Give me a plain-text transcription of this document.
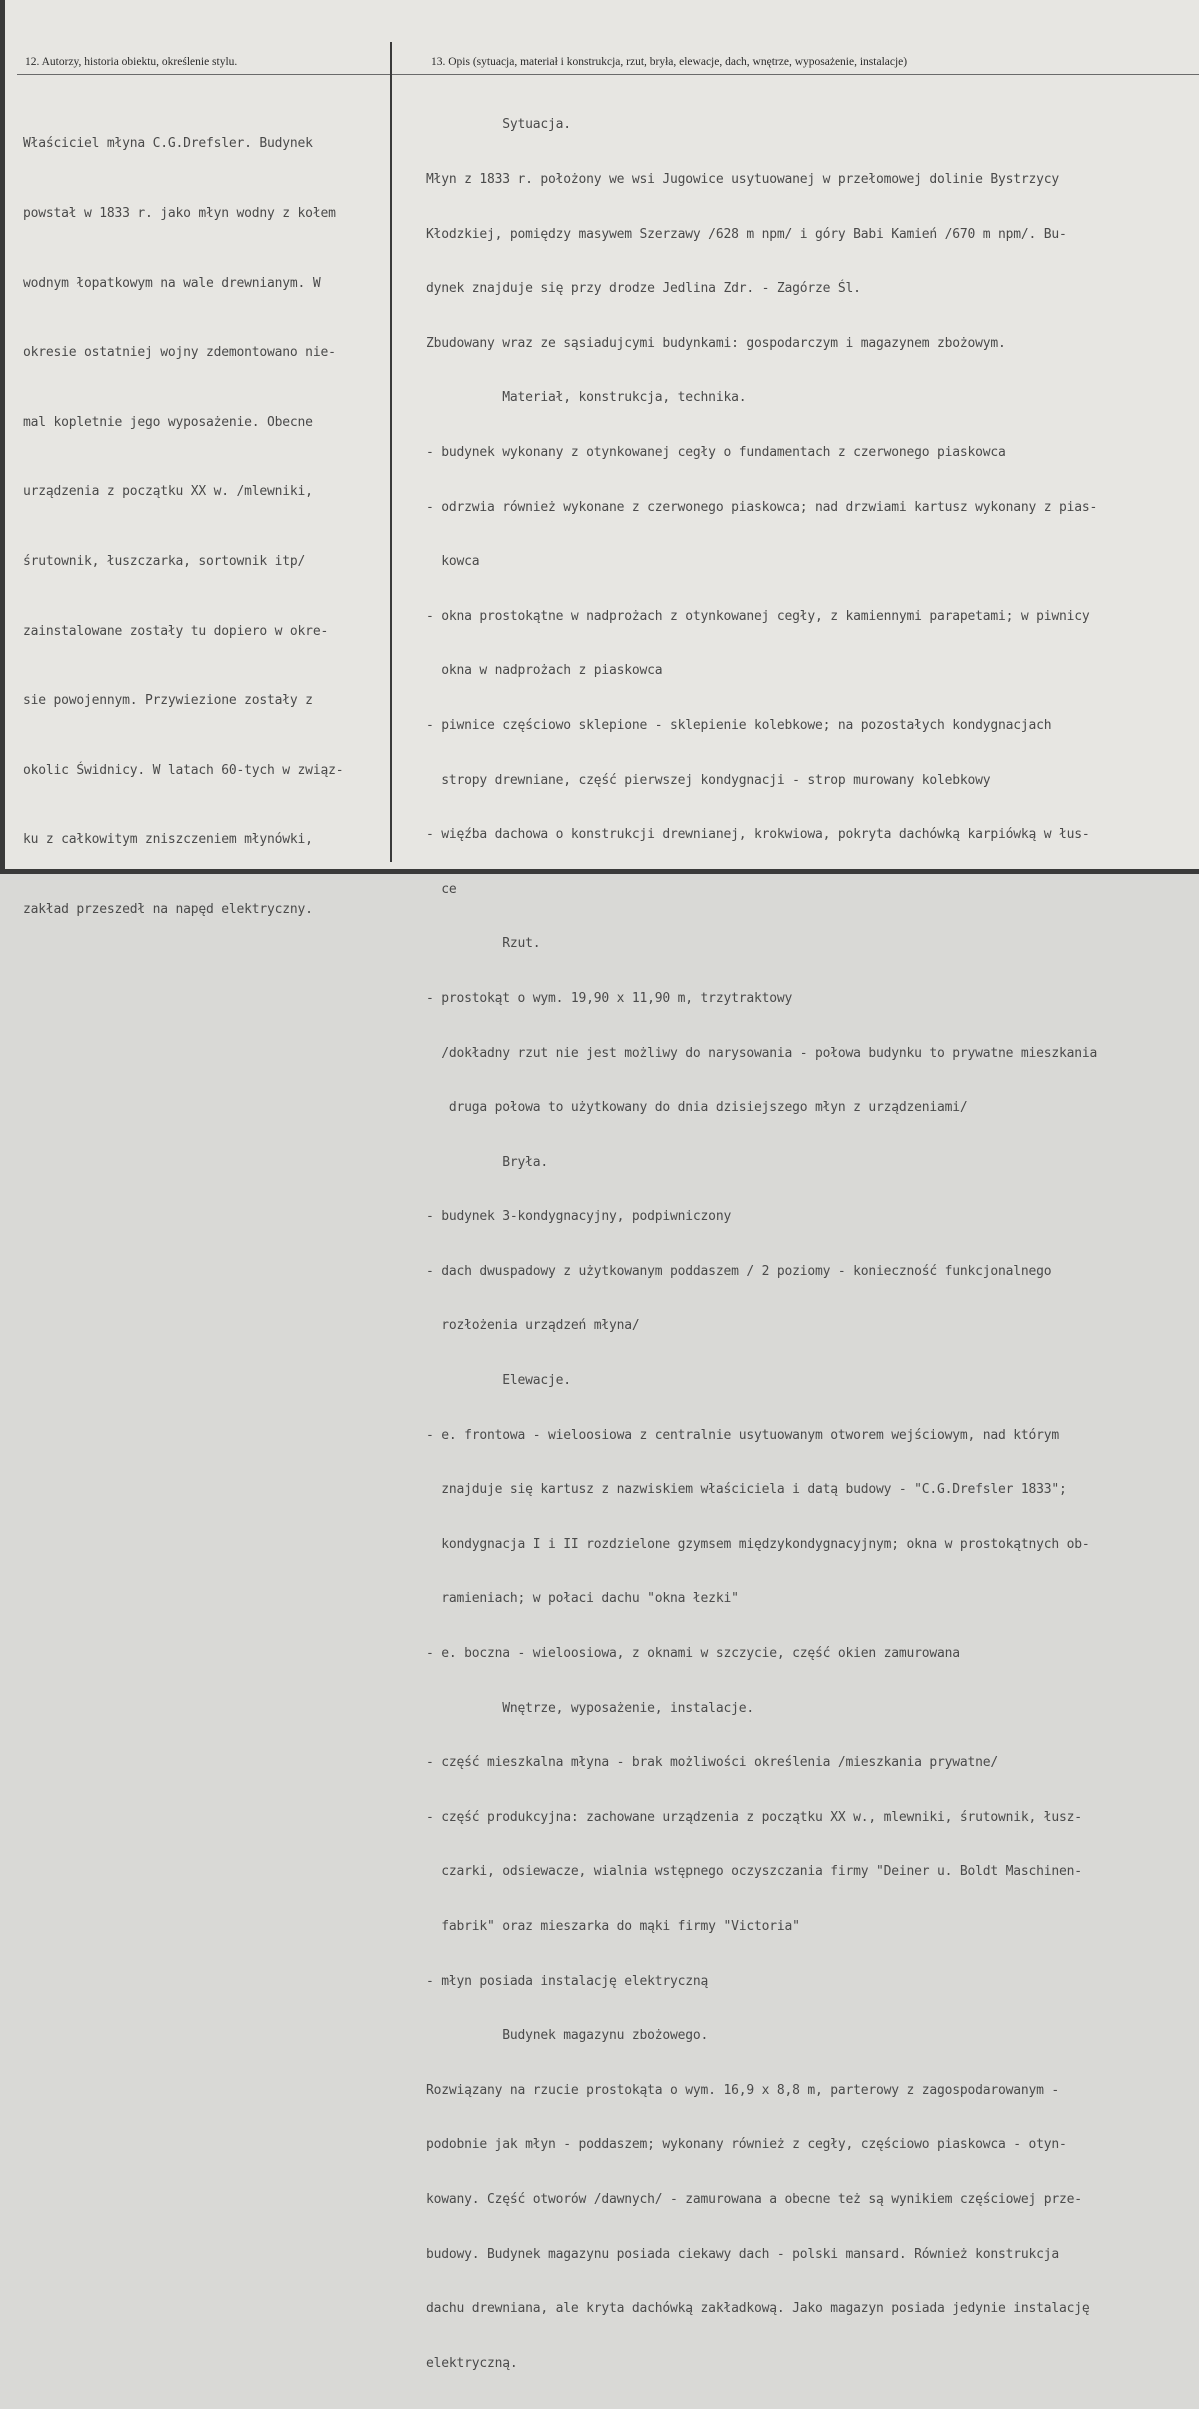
12. Autorzy, historia obiektu, określenie stylu.	13. Opis (sytuacja, materiał i konstrukcja, rzut, bryła, elewacje, dach, wnętrze, wyposażenie, instalacje)

Właściciel młyna C.G.Drefsler. Budynek

powstał w 1833 r. jako młyn wodny z kołem

wodnym łopatkowym na wale drewnianym. W

okresie ostatniej wojny zdemontowano nie-

mal kopletnie jego wyposażenie. Obecne

urządzenia z początku XX w. /mlewniki,

śrutownik, łuszczarka, sortownik itp/

zainstalowane zostały tu dopiero w okre-

sie powojennym. Przywiezione zostały z

okolic Świdnicy. W latach 60-tych w związ-

ku z całkowitym zniszczeniem młynówki,

zakład przeszedł na napęd elektryczny.

Sytuacja.

Młyn z 1833 r. położony we wsi Jugowice usytuowanej w przełomowej dolinie Bystrzycy

Kłodzkiej, pomiędzy masywem Szerzawy /628 m npm/ i góry Babi Kamień /670 m npm/. Bu-

dynek znajduje się przy drodze Jedlina Zdr. - Zagórze Śl.

Zbudowany wraz ze sąsiadujcymi budynkami: gospodarczym i magazynem zbożowym.

Materiał, konstrukcja, technika.

- budynek wykonany z otynkowanej cegły o fundamentach z czerwonego piaskowca

- odrzwia również wykonane z czerwonego piaskowca; nad drzwiami kartusz wykonany z pias-

kowca

- okna prostokątne w nadprożach z otynkowanej cegły, z kamiennymi parapetami; w piwnicy

okna w nadprożach z piaskowca

- piwnice częściowo sklepione - sklepienie kolebkowe; na pozostałych kondygnacjach

stropy drewniane, część pierwszej kondygnacji - strop murowany kolebkowy

- więźba dachowa o konstrukcji drewnianej, krokwiowa, pokryta dachówką karpiówką w łus-

ce

Rzut.

- prostokąt o wym. 19,90 x 11,90 m, trzytraktowy

/dokładny rzut nie jest możliwy do narysowania - połowa budynku to prywatne mieszkania

druga połowa to użytkowany do dnia dzisiejszego młyn z urządzeniami/

Bryła.

- budynek 3-kondygnacyjny, podpiwniczony

- dach dwuspadowy z użytkowanym poddaszem / 2 poziomy - konieczność funkcjonalnego

rozłożenia urządzeń młyna/

Elewacje.

- e. frontowa - wieloosiowa z centralnie usytuowanym otworem wejściowym, nad którym

znajduje się kartusz z nazwiskiem właściciela i datą budowy - "C.G.Drefsler 1833";

kondygnacja I i II rozdzielone gzymsem międzykondygnacyjnym; okna w prostokątnych ob-

ramieniach; w połaci dachu "okna łezki"

- e. boczna - wieloosiowa, z oknami w szczycie, część okien zamurowana

Wnętrze, wyposażenie, instalacje.

- część mieszkalna młyna - brak możliwości określenia /mieszkania prywatne/

- część produkcyjna: zachowane urządzenia z początku XX w., mlewniki, śrutownik, łusz-

czarki, odsiewacze, wialnia wstępnego oczyszczania firmy "Deiner u. Boldt Maschinen-

fabrik" oraz mieszarka do mąki firmy "Victoria"

- młyn posiada instalację elektryczną

Budynek magazynu zbożowego.

Rozwiązany na rzucie prostokąta o wym. 16,9 x 8,8 m, parterowy z zagospodarowanym -

podobnie jak młyn - poddaszem; wykonany również z cegły, częściowo piaskowca - otyn-

kowany. Część otworów /dawnych/ - zamurowana a obecne też są wynikiem częściowej prze-

budowy. Budynek magazynu posiada ciekawy dach - polski mansard. Również konstrukcja

dachu drewniana, ale kryta dachówką zakładkową. Jako magazyn posiada jedynie instalację

elektryczną.
